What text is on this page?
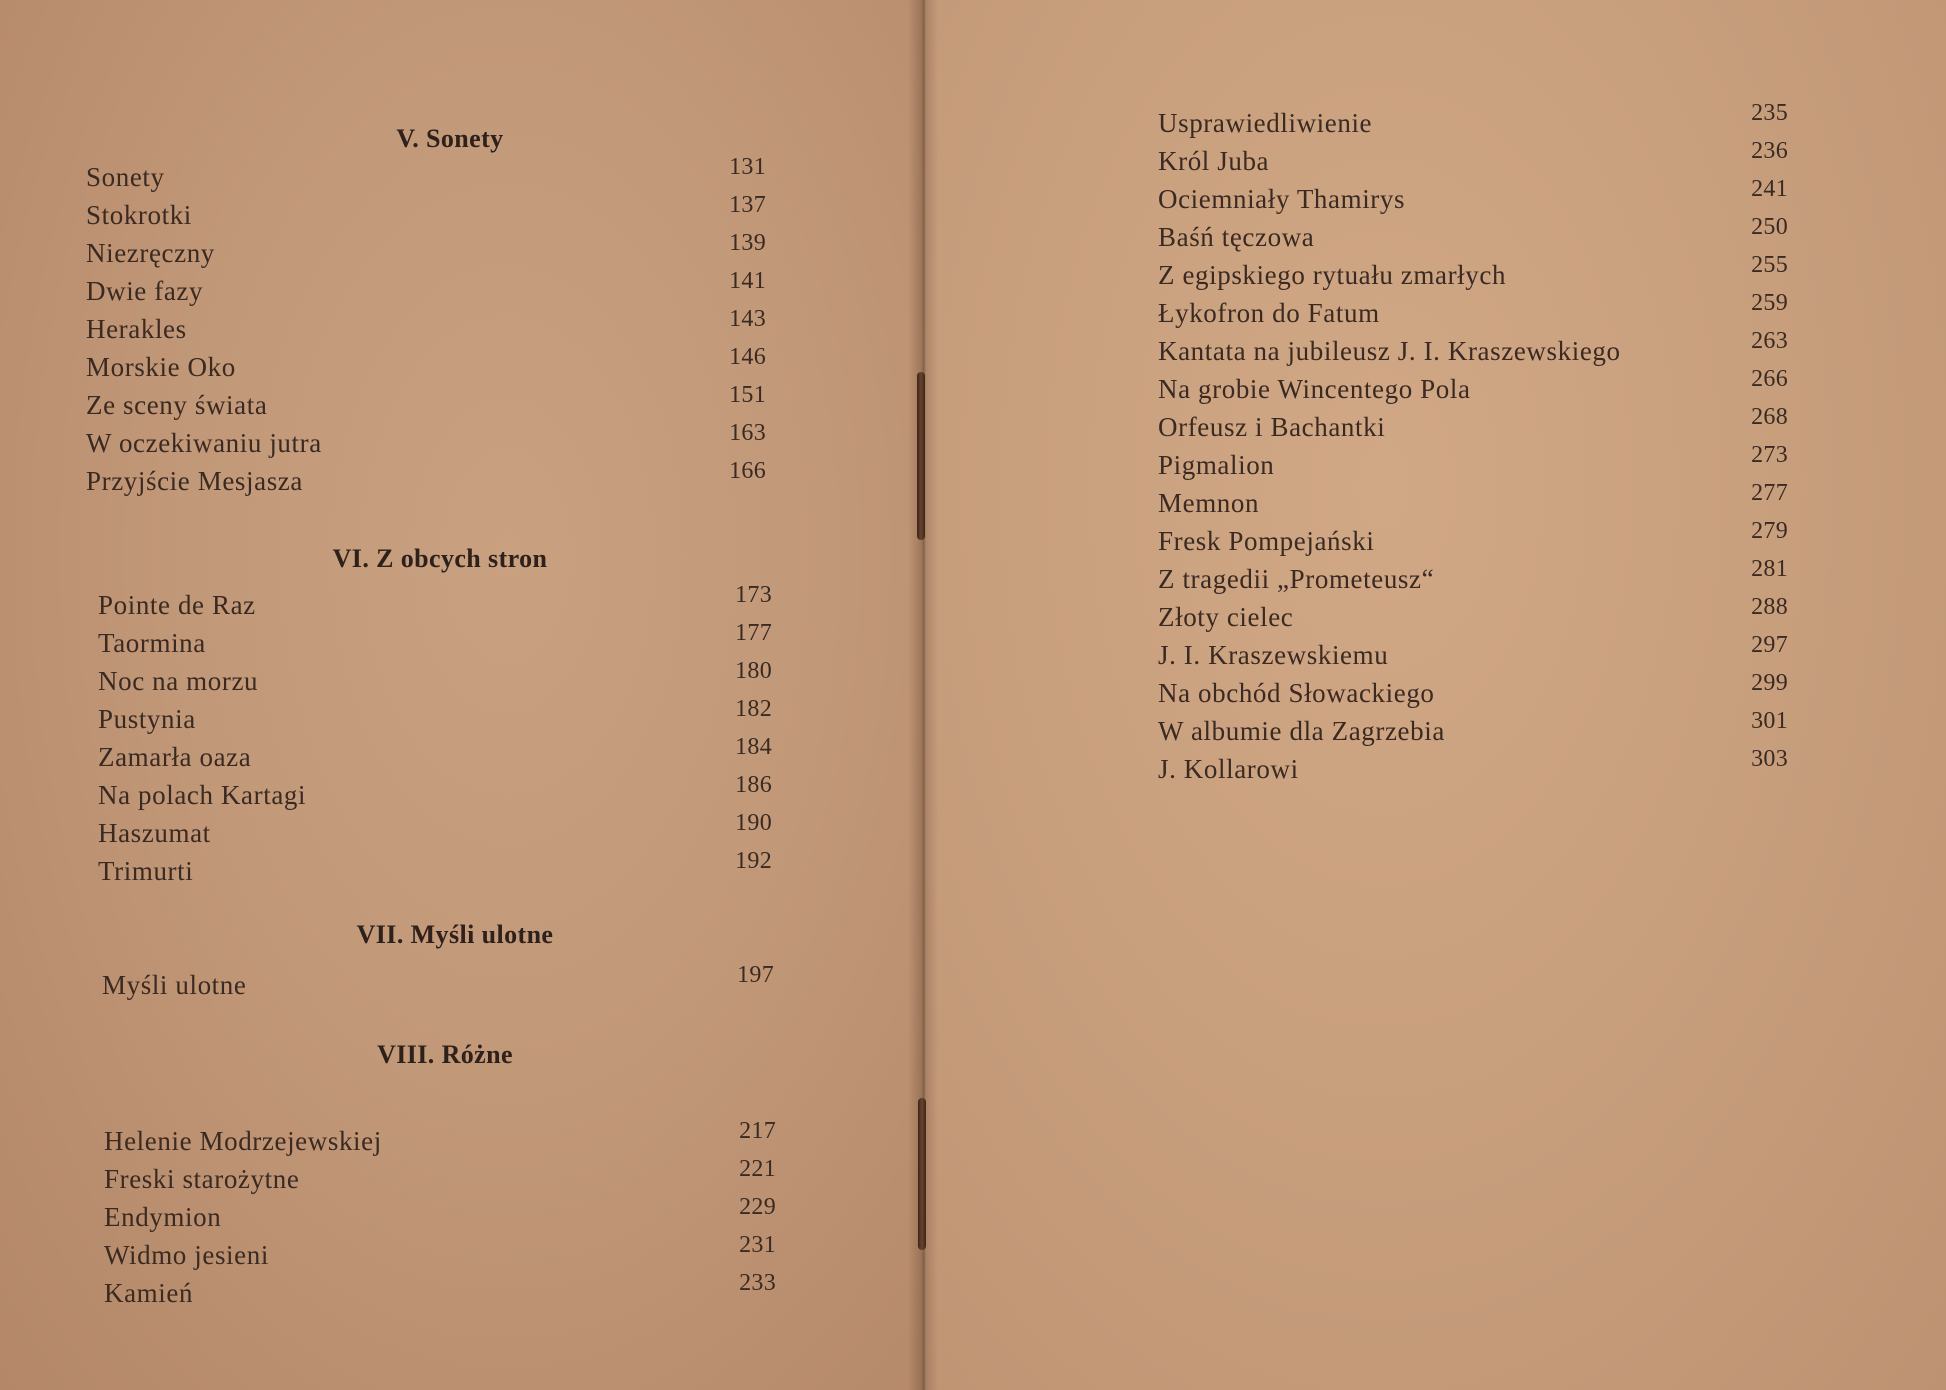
V. Sonety
Sonety	131
Stokrotki	137
Niezręczny	139
Dwie fazy	141
Herakles	143
Morskie Oko	146
Ze sceny świata	151
W oczekiwaniu jutra	163
Przyjście Mesjasza	166
VI. Z obcych stron
Pointe de Raz	173
Taormina	177
Noc na morzu	180
Pustynia	182
Zamarła oaza	184
Na polach Kartagi	186
Haszumat	190
Trimurti	192
VII. Myśli ulotne
Myśli ulotne	197
VIII. Różne
Helenie Modrzejewskiej	217
Freski starożytne	221
Endymion	229
Widmo jesieni	231
Kamień	233
Usprawiedliwienie	235
Król Juba	236
Ociemniały Thamirys	241
Baśń tęczowa	250
Z egipskiego rytuału zmarłych	255
Łykofron do Fatum	259
Kantata na jubileusz J. I. Kraszewskiego	263
Na grobie Wincentego Pola	266
Orfeusz i Bachantki	268
Pigmalion	273
Memnon	277
Fresk Pompejański	279
Z tragedii „Prometeusz“	281
Złoty cielec	288
J. I. Kraszewskiemu	297
Na obchód Słowackiego	299
W albumie dla Zagrzebia	301
J. Kollarowi	303
